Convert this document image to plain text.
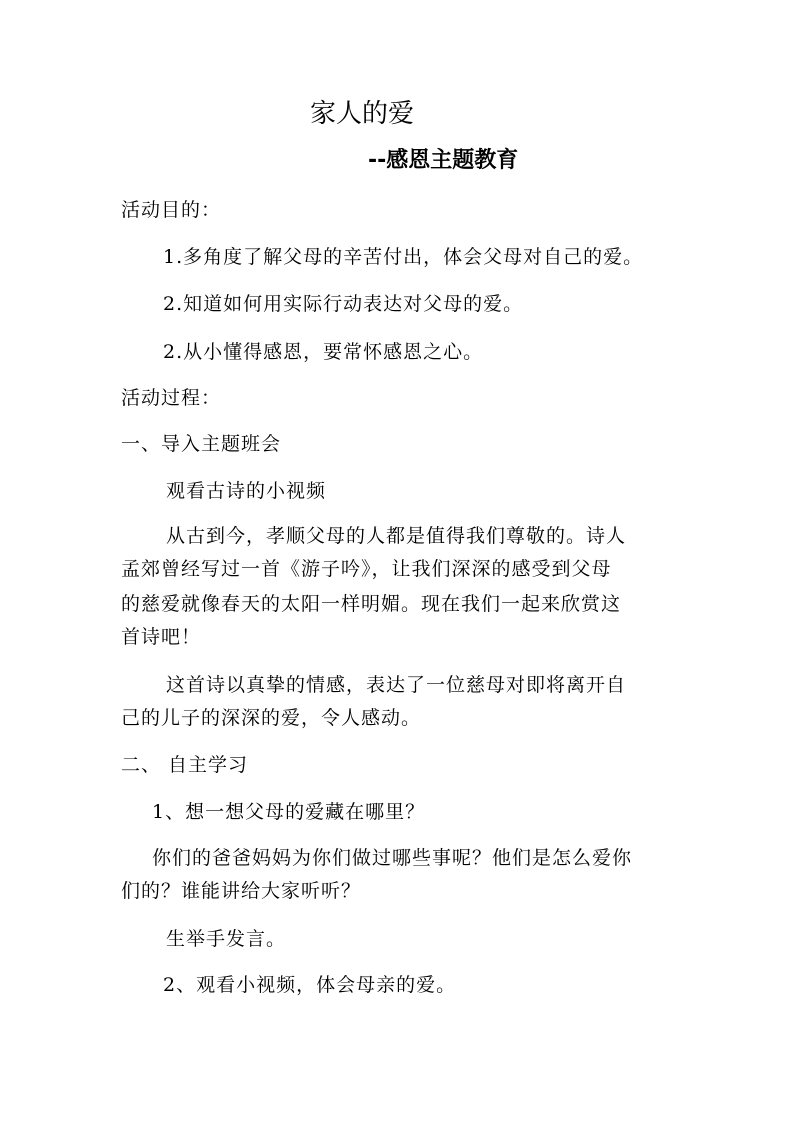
家人的爱
--感恩主题教育
活动目的：
1.多角度了解父母的辛苦付出，体会父母对自己的爱。
2.知道如何用实际行动表达对父母的爱。
2.从小懂得感恩，要常怀感恩之心。
活动过程：
一、导入主题班会
观看古诗的小视频
从古到今，孝顺父母的人都是值得我们尊敬的。诗人
孟郊曾经写过一首《游子吟》，让我们深深的感受到父母
的慈爱就像春天的太阳一样明媚。现在我们一起来欣赏这
首诗吧！
这首诗以真挚的情感，表达了一位慈母对即将离开自
己的儿子的深深的爱，令人感动。
二、 自主学习
1、想一想父母的爱藏在哪里？
你们的爸爸妈妈为你们做过哪些事呢？他们是怎么爱你
们的？谁能讲给大家听听？
生举手发言。
2、观看小视频，体会母亲的爱。
